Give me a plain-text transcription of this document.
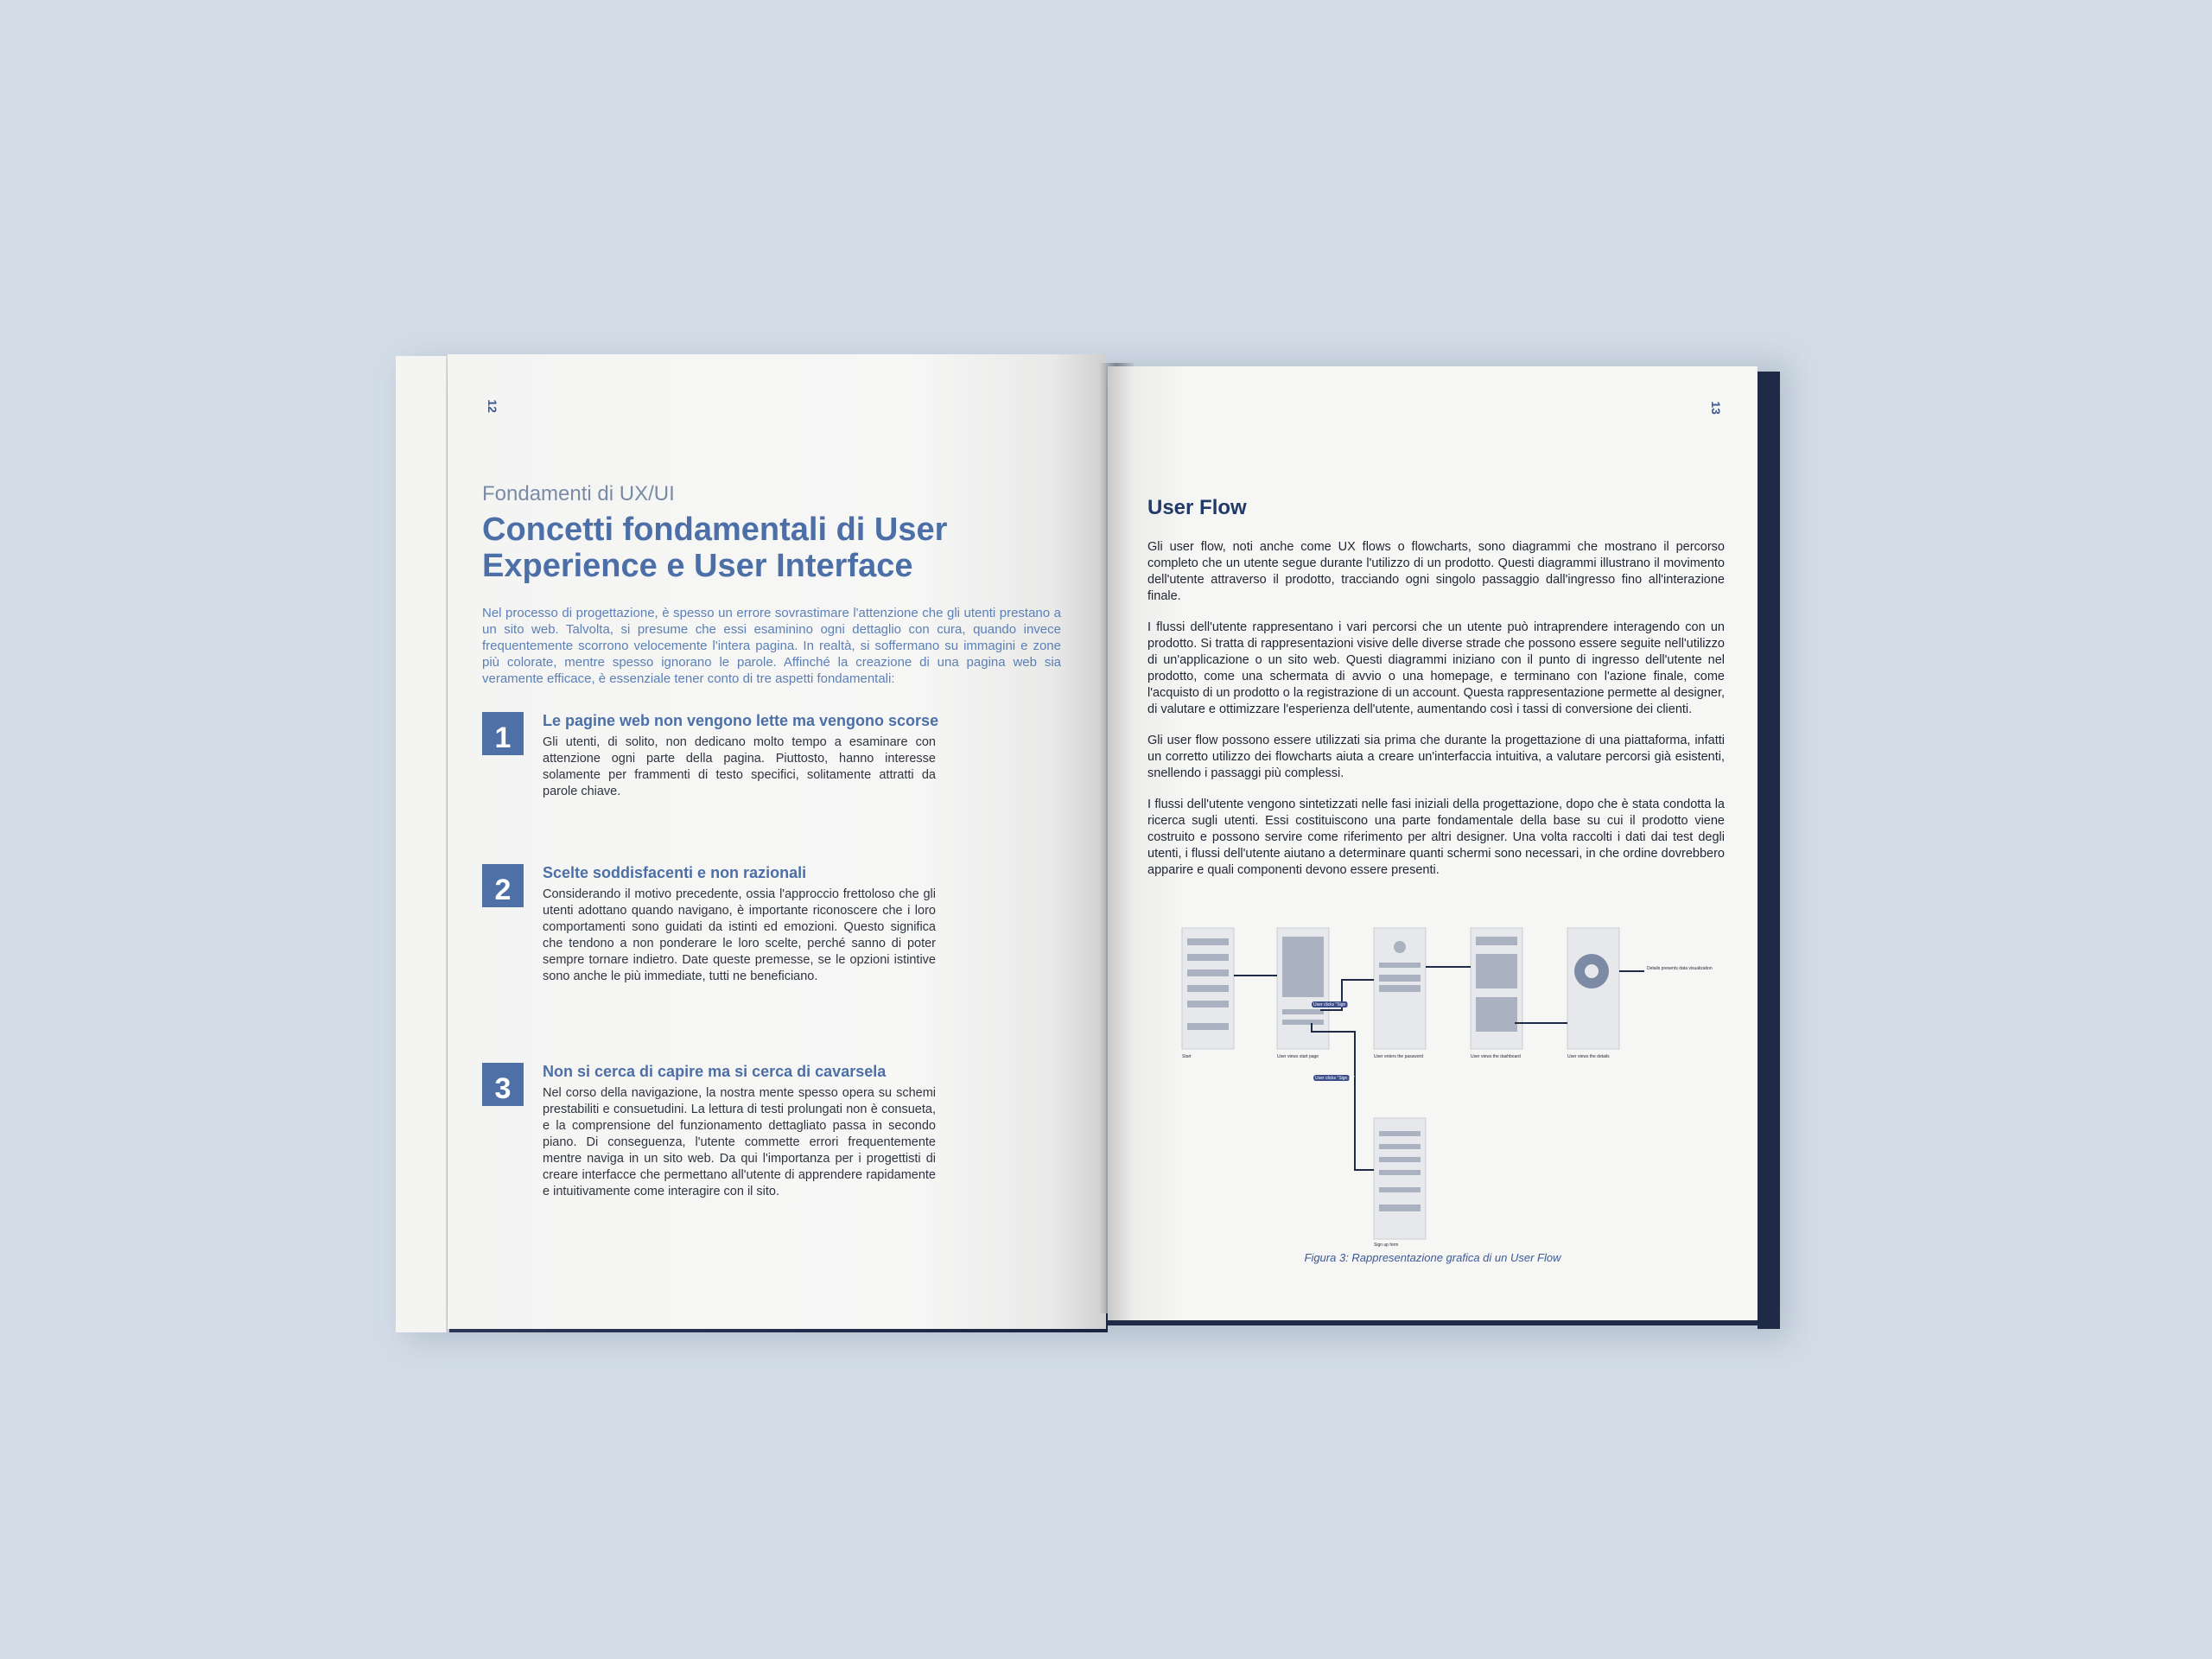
12
Fondamenti di UX/UI
Concetti fondamentali di User Experience e User Interface
Nel processo di progettazione, è spesso un errore sovrastimare l'attenzione che gli utenti prestano a un sito web. Talvolta, si presume che essi esaminino ogni dettaglio con cura, quando invece frequentemente scorrono velocemente l'intera pagina. In realtà, si soffermano su immagini e zone più colorate, mentre spesso ignorano le parole. Affinché la creazione di una pagina web sia veramente efficace, è essenziale tener conto di tre aspetti fondamentali:
1
Le pagine web non vengono lette ma vengono scorse
Gli utenti, di solito, non dedicano molto tempo a esaminare con attenzione ogni parte della pagina. Piuttosto, hanno interesse solamente per frammenti di testo specifici, solitamente attratti da parole chiave.
2
Scelte soddisfacenti e non razionali
Considerando il motivo precedente, ossia l'approccio frettoloso che gli utenti adottano quando navigano, è importante riconoscere che i loro comportamenti sono guidati da istinti ed emozioni. Questo significa che tendono a non ponderare le loro scelte, perché sanno di poter sempre tornare indietro. Date queste premesse, se le opzioni istintive sono anche le più immediate, tutti ne beneficiano.
3
Non si cerca di capire ma si cerca di cavarsela
Nel corso della navigazione, la nostra mente spesso opera su schemi prestabiliti e consuetudini. La lettura di testi prolungati non è consueta, e la comprensione del funzionamento dettagliato passa in secondo piano. Di conseguenza, l'utente commette errori frequentemente mentre naviga in un sito web. Da qui l'importanza per i progettisti di creare interfacce che permettano all'utente di apprendere rapidamente e intuitivamente come interagire con il sito.
13
User Flow

Gli user flow, noti anche come UX flows o flowcharts, sono diagrammi che mostrano il percorso completo che un utente segue durante l'utilizzo di un prodotto. Questi diagrammi illustrano il movimento dell'utente attraverso il prodotto, tracciando ogni singolo passaggio dall'ingresso fino all'interazione finale.

I flussi dell'utente rappresentano i vari percorsi che un utente può intraprendere interagendo con un prodotto. Si tratta di rappresentazioni visive delle diverse strade che possono essere seguite nell'utilizzo di un'applicazione o un sito web. Questi diagrammi iniziano con il punto di ingresso dell'utente nel prodotto, come una schermata di avvio o una homepage, e terminano con l'azione finale, come l'acquisto di un prodotto o la registrazione di un account. Questa rappresentazione permette al designer, di valutare e ottimizzare l'esperienza dell'utente, aumentando così i tassi di conversione dei clienti.

Gli user flow possono essere utilizzati sia prima che durante la progettazione di una piattaforma, infatti un corretto utilizzo dei flowcharts aiuta a creare un'interfaccia intuitiva, a valutare percorsi già esistenti, snellendo i passaggi più complessi.

I flussi dell'utente vengono sintetizzati nelle fasi iniziali della progettazione, dopo che è stata condotta la ricerca sugli utenti. Essi costituiscono una parte fondamentale della base su cui il prodotto viene costruito e possono servire come riferimento per altri designer. Una volta raccolti i dati dai test degli utenti, i flussi dell'utente aiutano a determinare quanti schermi sono necessari, in che ordine dovrebbero apparire e quali componenti devono essere presenti.

Start	User views start page	User enters the password	User views the dashboard	User views the details
Details presents data visualization
Sign up form
User clicks "Sign in"
User clicks "Sign up"
Figura 3: Rappresentazione grafica di un User Flow
